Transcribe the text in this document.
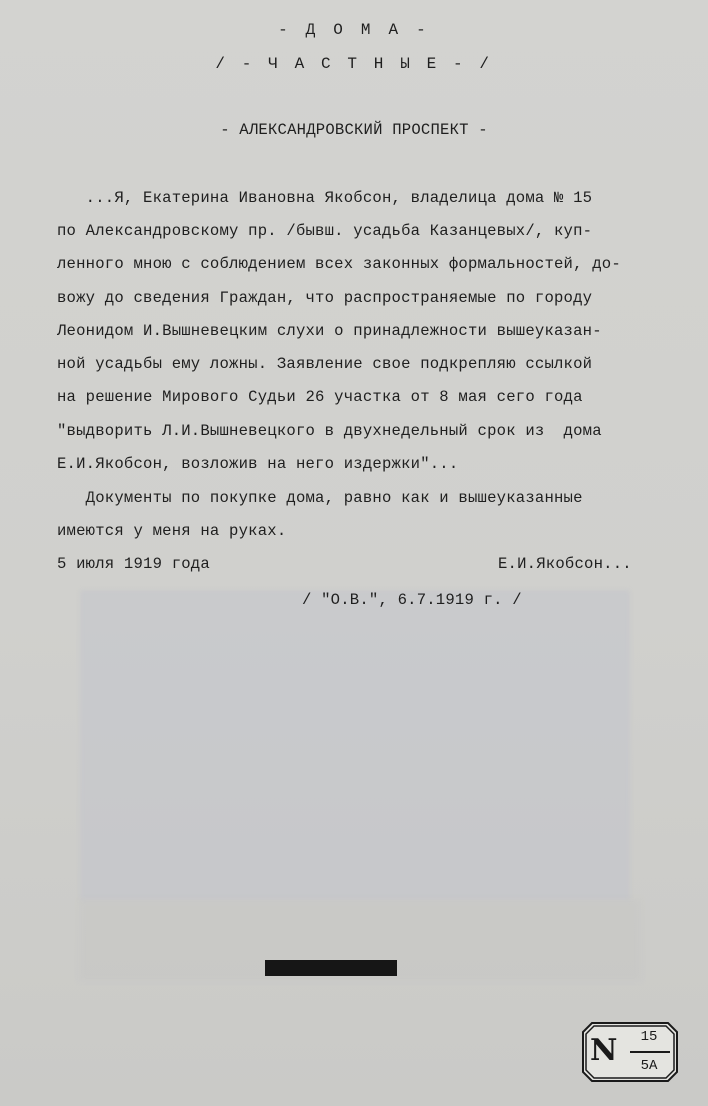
- Д О М А -
/ - Ч А С Т Н Ы Е - /
- АЛЕКСАНДРОВСКИЙ ПРОСПЕКТ -
...Я, Екатерина Ивановна Якобсон, владелица дома № 15
по Александровскому пр. /бывш. усадьба Казанцевых/, куп-
ленного мною с соблюдением всех законных формальностей, до-
вожу до сведения Граждан, что распространяемые по городу
Леонидом И.Вышневецким слухи о принадлежности вышеуказан-
ной усадьбы ему ложны. Заявление свое подкрепляю ссылкой
на решение Мирового Судьи 26 участка от 8 мая сего года
"выдворить Л.И.Вышневецкого в двухнедельный срок из  дома
Е.И.Якобсон, возложив на него издержки"...
Документы по покупке дома, равно как и вышеуказанные
имеются у меня на руках.
5 июля 1919 года	Е.И.Якобсон...
/ "О.В.", 6.7.1919 г. /
N	15
5А
